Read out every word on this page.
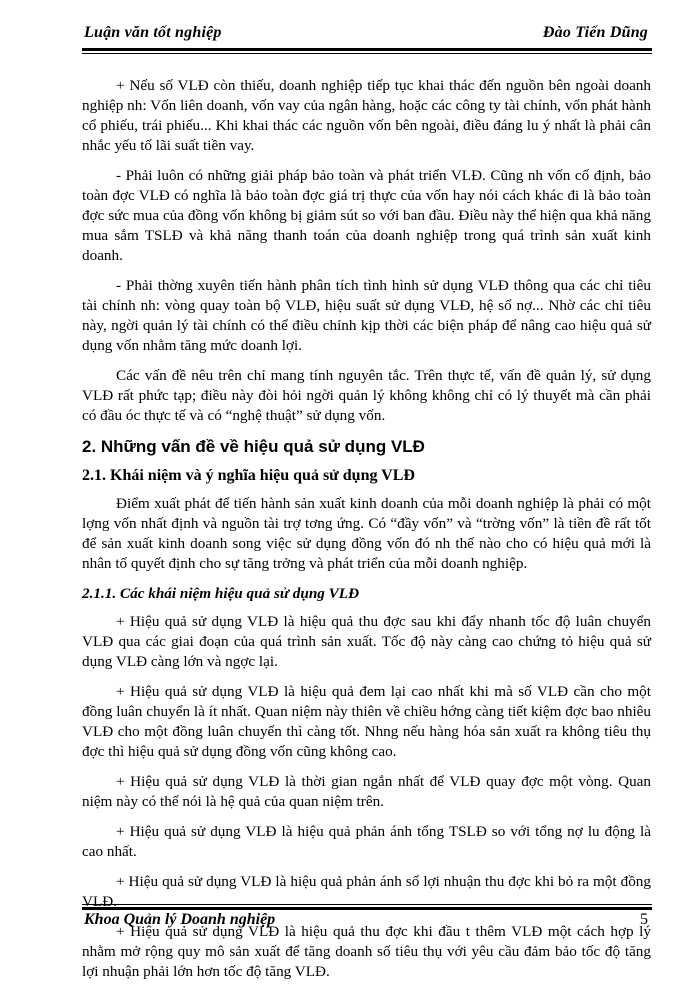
Luận văn tốt nghiệp	Đào Tiến Dũng

+ Nếu số VLĐ còn thiếu, doanh nghiệp tiếp tục khai thác đến nguồn bên ngoài doanh nghiệp nh: Vốn liên doanh, vốn vay của ngân hàng, hoặc các công ty tài chính, vốn phát hành cổ phiếu, trái phiếu... Khi khai thác các nguồn vốn bên ngoài, điều đáng lu ý nhất là phải cân nhắc yếu tố lãi suất tiền vay.

- Phải luôn có những giải pháp bảo toàn và phát triển VLĐ. Cũng nh vốn cố định, bảo toàn đợc VLĐ có nghĩa là bảo toàn đợc giá trị thực của vốn hay nói cách khác đi là bảo toàn đợc sức mua của đồng vốn không bị giảm sút so với ban đầu. Điều này thể hiện qua khả năng mua sắm TSLĐ và khả năng thanh toán của doanh nghiệp trong quá trình sản xuất kinh doanh.

- Phải thờng xuyên tiến hành phân tích tình hình sử dụng VLĐ thông qua các chỉ tiêu tài chính nh: vòng quay toàn bộ VLĐ, hiệu suất sử dụng VLĐ, hệ số nợ... Nhờ các chỉ tiêu này, ngời quản lý tài chính có thể điều chỉnh kịp thời các biện pháp để nâng cao hiệu quả sử dụng vốn nhằm tăng mức doanh lợi.

Các vấn đề nêu trên chỉ mang tính nguyên tắc. Trên thực tế, vấn đề quản lý, sử dụng VLĐ rất phức tạp; điều này đòi hỏi ngời quản lý không không chỉ có lý thuyết mà cần phải có đầu óc thực tế và có “nghệ thuật” sử dụng vốn.

2. Những vấn đề về hiệu quả sử dụng VLĐ
2.1. Khái niệm và ý nghĩa hiệu quả sử dụng VLĐ

Điểm xuất phát để tiến hành sản xuất kinh doanh của mỗi doanh nghiệp là phải có một lợng vốn nhất định và nguồn tài trợ tơng ứng. Có “đầy vốn” và “trờng vốn” là tiền đề rất tốt để sản xuất kinh doanh song việc sử dụng đồng vốn đó nh thế nào cho có hiệu quả mới là nhân tố quyết định cho sự tăng trởng và phát triển của mỗi doanh nghiệp.

2.1.1. Các khái niệm hiệu quả sử dụng VLĐ

+ Hiệu quả sử dụng VLĐ là hiệu quả thu đợc sau khi đẩy nhanh tốc độ luân chuyển VLĐ qua các giai đoạn của quá trình sản xuất. Tốc độ này càng cao chứng tỏ hiệu quả sử dụng VLĐ càng lớn và ngợc lại.

+ Hiệu quả sử dụng VLĐ là hiệu quả đem lại cao nhất khi mà số VLĐ cần cho một đồng luân chuyển là ít nhất. Quan niệm này thiên về chiều hớng càng tiết kiệm đợc bao nhiêu VLĐ cho một đồng luân chuyển thì càng tốt. Nhng nếu hàng hóa sản xuất ra không tiêu thụ đợc thì hiệu quả sử dụng đồng vốn cũng không cao.

+ Hiệu quả sử dụng VLĐ là thời gian ngắn nhất để VLĐ quay đợc một vòng. Quan niệm này có thể nói là hệ quả của quan niệm trên.

+ Hiệu quả sử dụng VLĐ là hiệu quả phản ánh tổng TSLĐ so với tổng nợ lu động là cao nhất.

+ Hiệu quả sử dụng VLĐ là hiệu quả phản ánh số lợi nhuận thu đợc khi bỏ ra một đồng VLĐ.

+ Hiệu quả sử dụng VLĐ là hiệu quả thu đợc khi đầu t thêm VLĐ một cách hợp lý nhằm mở rộng quy mô sản xuất để tăng doanh số tiêu thụ với yêu cầu đảm bảo tốc độ tăng lợi nhuận phải lớn hơn tốc độ tăng VLĐ.

Khoa Quản lý Doanh nghiệp	5
